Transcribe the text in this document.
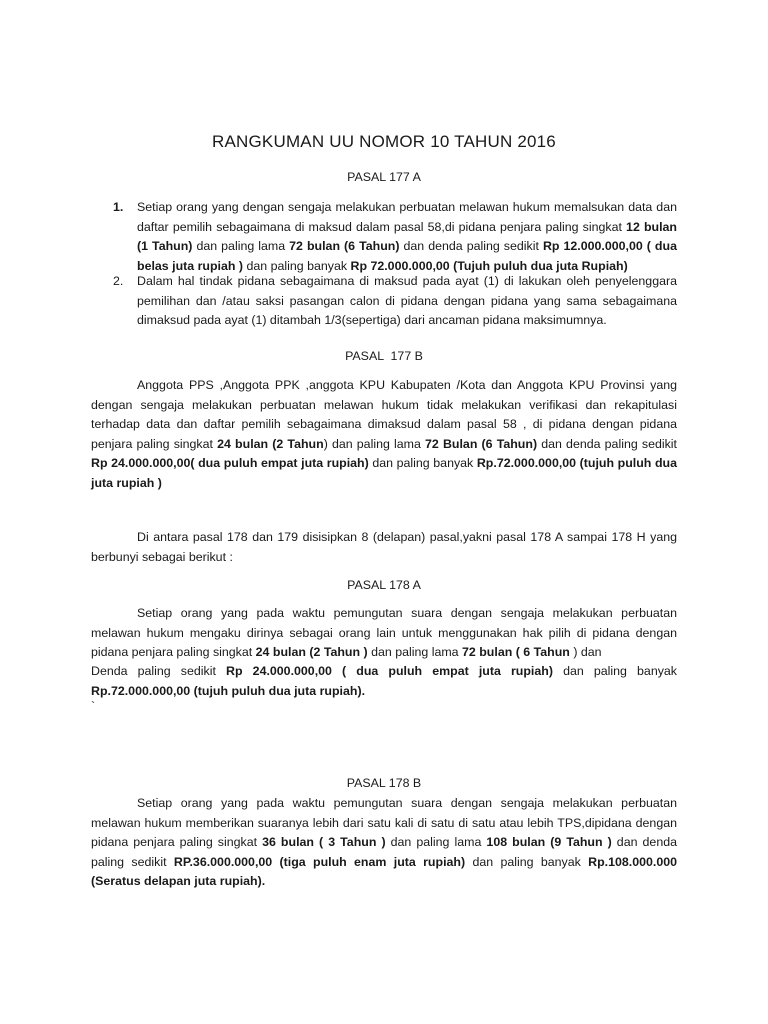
RANGKUMAN UU NOMOR 10 TAHUN 2016
PASAL 177 A
1. Setiap orang yang dengan sengaja melakukan perbuatan melawan hukum memalsukan data dan daftar pemilih sebagaimana di maksud dalam pasal 58,di pidana penjara paling singkat 12 bulan (1 Tahun) dan paling lama 72 bulan (6 Tahun) dan denda paling sedikit Rp 12.000.000,00 ( dua belas juta rupiah ) dan paling banyak Rp 72.000.000,00 (Tujuh puluh dua juta Rupiah)
2. Dalam hal tindak pidana sebagaimana di maksud pada ayat (1) di lakukan oleh penyelenggara pemilihan dan /atau saksi pasangan calon di pidana dengan pidana yang sama sebagaimana dimaksud pada ayat (1) ditambah 1/3(sepertiga) dari ancaman pidana maksimumnya.
PASAL  177 B
Anggota PPS ,Anggota PPK ,anggota KPU Kabupaten /Kota dan Anggota KPU Provinsi yang dengan sengaja melakukan perbuatan melawan hukum tidak melakukan verifikasi dan rekapitulasi terhadap data dan daftar pemilih sebagaimana dimaksud dalam pasal 58 , di pidana dengan pidana penjara paling singkat 24 bulan (2 Tahun) dan paling lama 72 Bulan (6 Tahun) dan denda paling sedikit Rp 24.000.000,00( dua puluh empat juta rupiah) dan paling banyak Rp.72.000.000,00 (tujuh puluh dua juta rupiah )
Di antara pasal 178 dan 179 disisipkan 8 (delapan) pasal,yakni pasal 178 A sampai 178 H yang berbunyi sebagai berikut :
PASAL 178 A
Setiap orang yang pada waktu pemungutan suara dengan sengaja melakukan perbuatan melawan hukum mengaku dirinya sebagai orang lain untuk menggunakan hak pilih di pidana dengan pidana penjara paling singkat 24 bulan (2 Tahun ) dan paling lama 72 bulan ( 6 Tahun ) dan
Denda paling sedikit Rp 24.000.000,00 ( dua puluh empat juta rupiah) dan paling banyak Rp.72.000.000,00 (tujuh puluh dua juta rupiah).
`
PASAL 178 B
Setiap orang yang pada waktu pemungutan suara dengan sengaja melakukan perbuatan melawan hukum memberikan suaranya lebih dari satu kali di satu di satu atau lebih TPS,dipidana dengan pidana penjara paling singkat 36 bulan ( 3 Tahun ) dan paling lama 108 bulan (9 Tahun ) dan denda paling sedikit RP.36.000.000,00 (tiga puluh enam juta rupiah) dan paling banyak Rp.108.000.000 (Seratus delapan juta rupiah).
